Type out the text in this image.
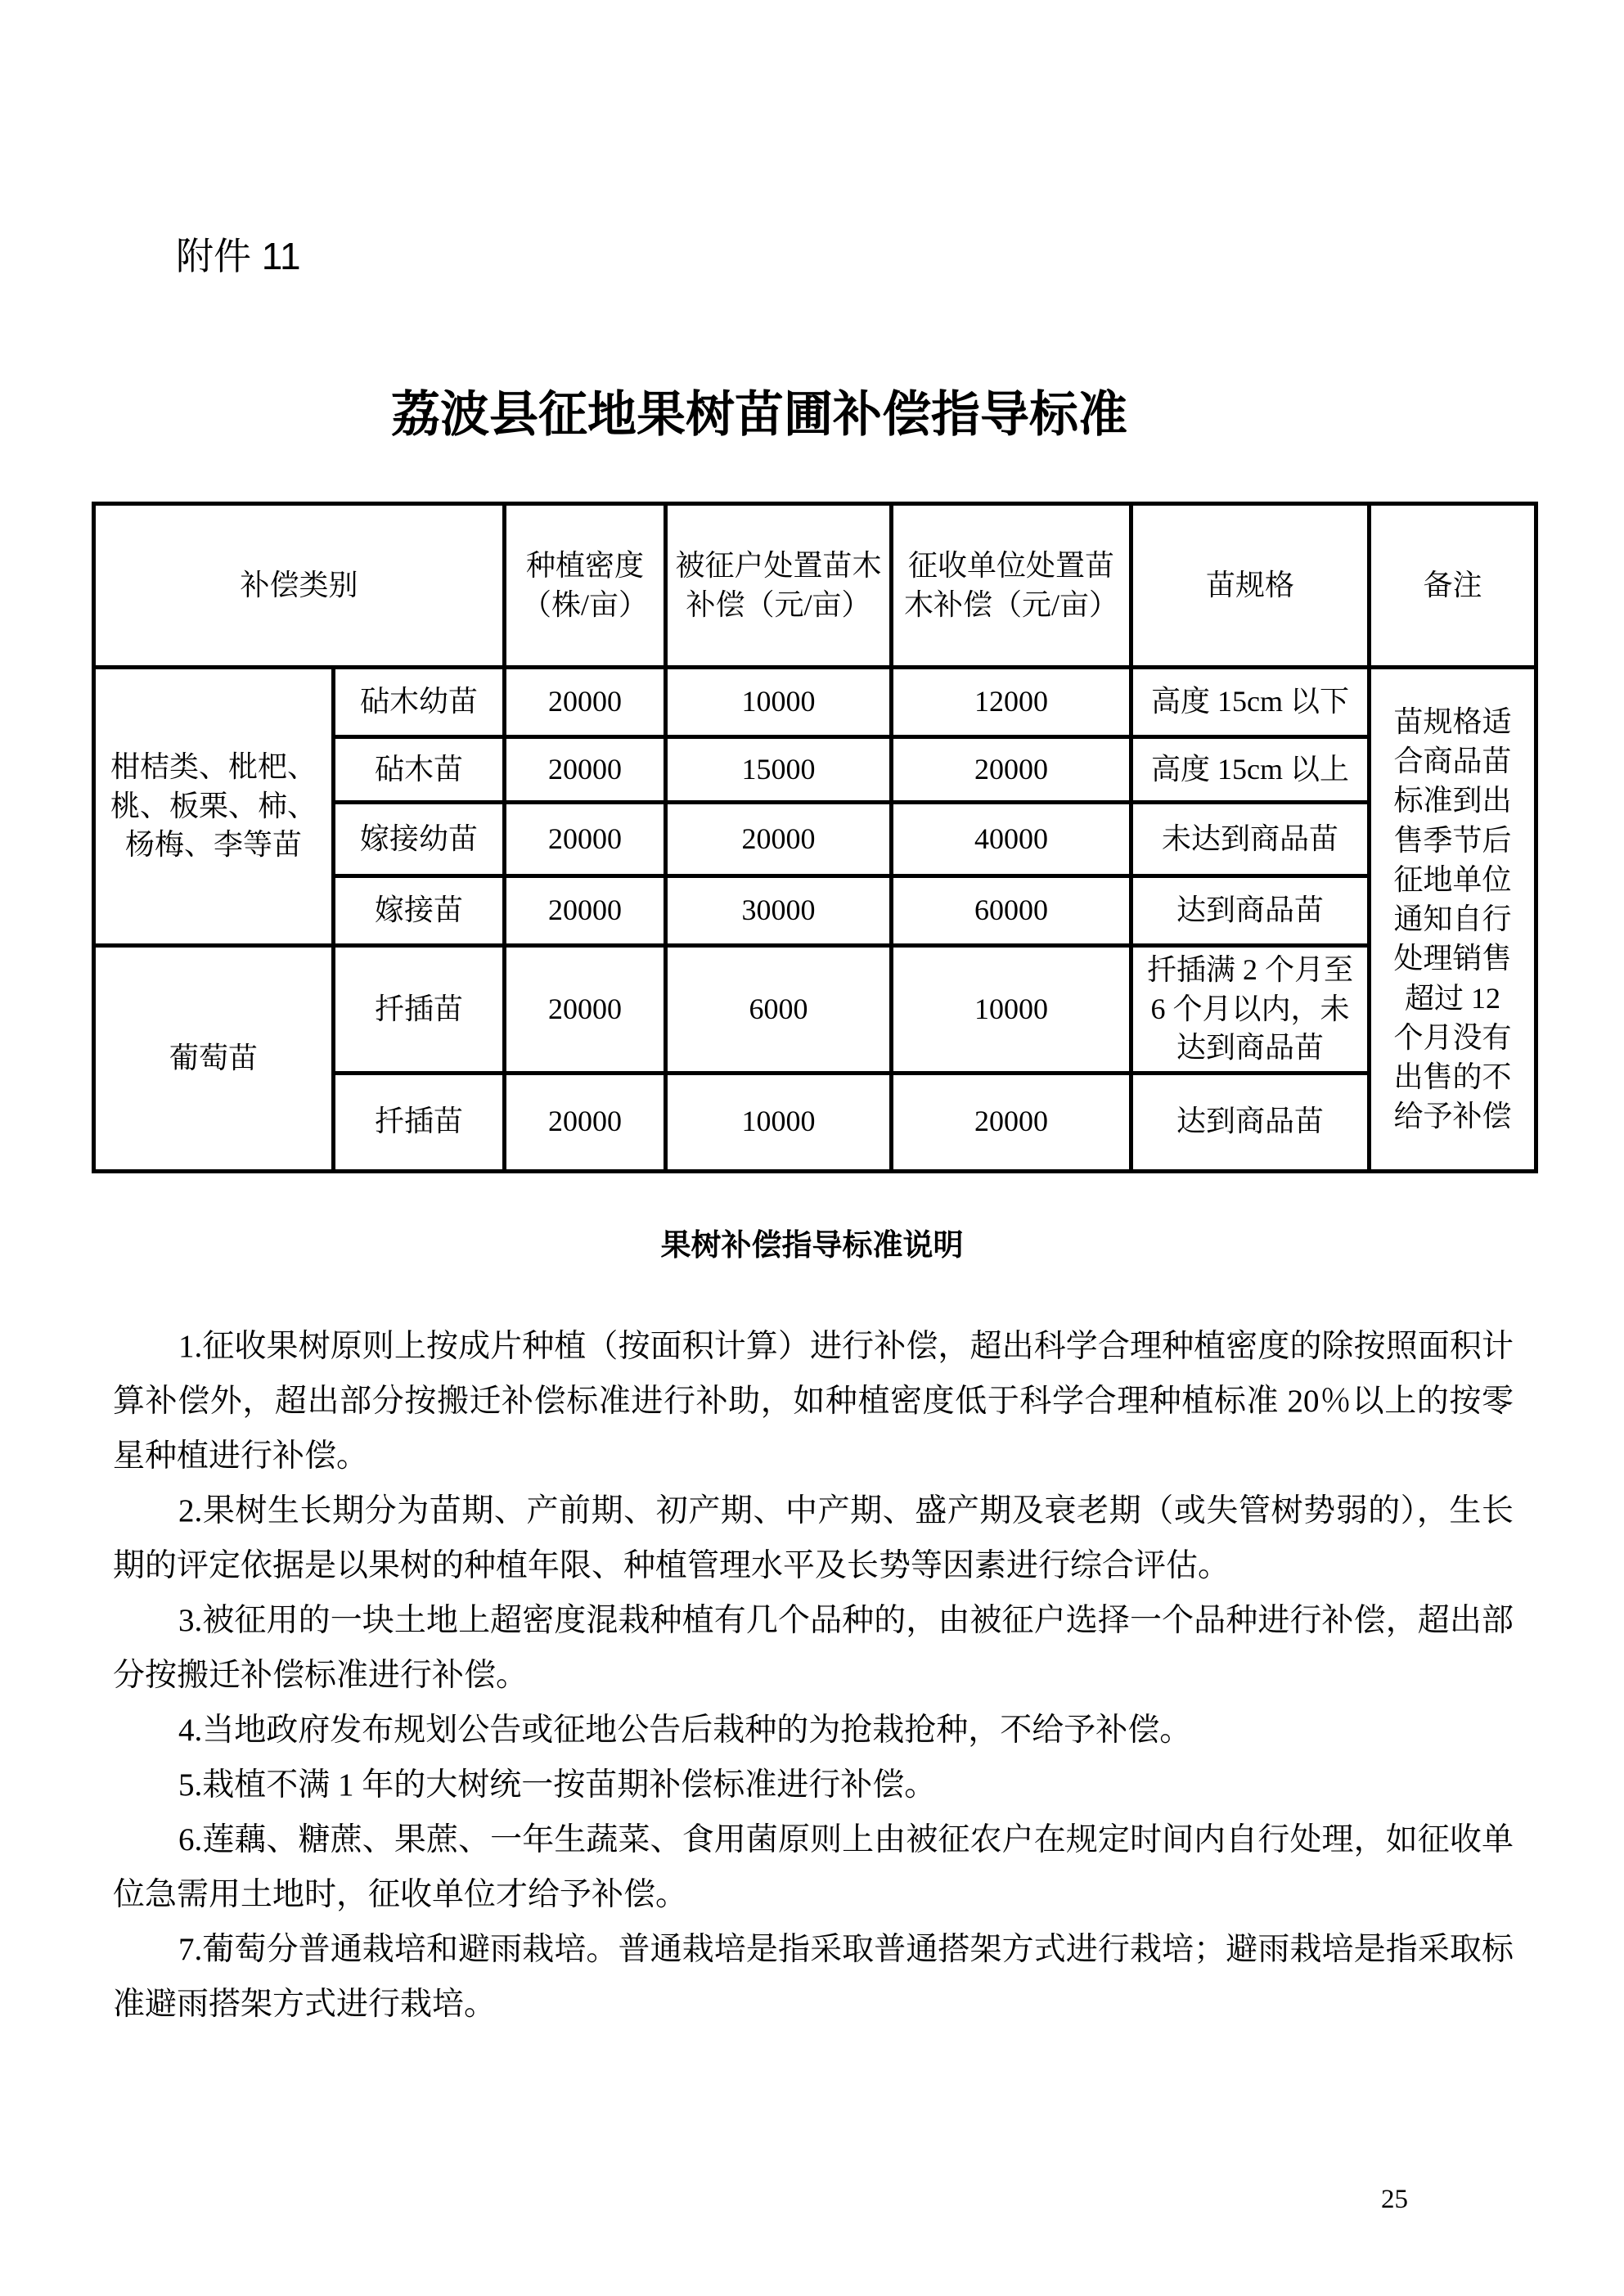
附件 11
荔波县征地果树苗圃补偿指导标准
补偿类别		种植密度（株/亩）	被征户处置苗木补偿（元/亩）	征收单位处置苗木补偿（元/亩）	苗规格	备注
柑桔类、枇杷、桃、板栗、柿、杨梅、李等苗	砧木幼苗	20000	10000	12000	高度 15cm 以下	苗规格适合商品苗标准到出售季节后征地单位通知自行处理销售超过 12 个月没有出售的不给予补偿
	砧木苗	20000	15000	20000	高度 15cm 以上	
	嫁接幼苗	20000	20000	40000	未达到商品苗	
	嫁接苗	20000	30000	60000	达到商品苗	
葡萄苗	扦插苗	20000	6000	10000	扦插满 2 个月至 6 个月以内，未达到商品苗	
	扦插苗	20000	10000	20000	达到商品苗	
果树补偿指导标准说明

1.征收果树原则上按成片种植（按面积计算）进行补偿，超出科学合理种植密度的除按照面积计算补偿外，超出部分按搬迁补偿标准进行补助，如种植密度低于科学合理种植标准 20％以上的按零星种植进行补偿。

2.果树生长期分为苗期、产前期、初产期、中产期、盛产期及衰老期（或失管树势弱的），生长期的评定依据是以果树的种植年限、种植管理水平及长势等因素进行综合评估。

3.被征用的一块土地上超密度混栽种植有几个品种的，由被征户选择一个品种进行补偿，超出部分按搬迁补偿标准进行补偿。

4.当地政府发布规划公告或征地公告后栽种的为抢栽抢种，不给予补偿。

5.栽植不满 1 年的大树统一按苗期补偿标准进行补偿。

6.莲藕、糖蔗、果蔗、一年生蔬菜、食用菌原则上由被征农户在规定时间内自行处理，如征收单位急需用土地时，征收单位才给予补偿。

7.葡萄分普通栽培和避雨栽培。普通栽培是指采取普通搭架方式进行栽培；避雨栽培是指采取标准避雨搭架方式进行栽培。

25
